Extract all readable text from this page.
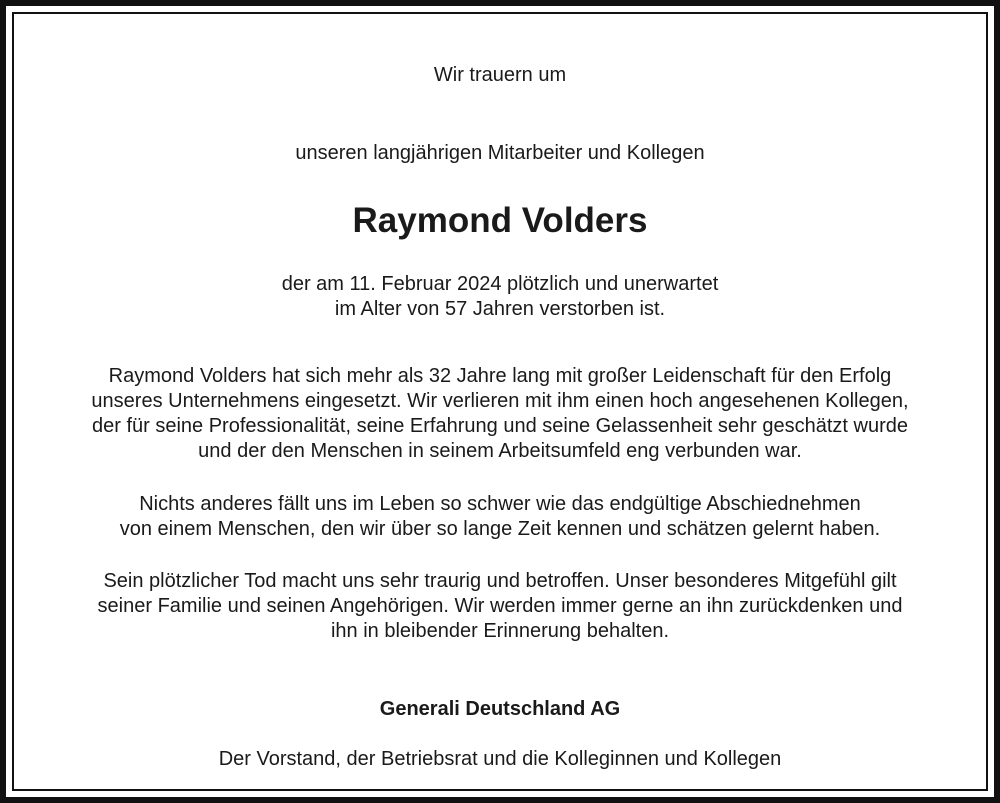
Wir trauern um
unseren langjährigen Mitarbeiter und Kollegen
Raymond Volders
der am 11. Februar 2024 plötzlich und unerwartet
im Alter von 57 Jahren verstorben ist.
Raymond Volders hat sich mehr als 32 Jahre lang mit großer Leidenschaft für den Erfolg
unseres Unternehmens eingesetzt. Wir verlieren mit ihm einen hoch angesehenen Kollegen,
der für seine Professionalität, seine Erfahrung und seine Gelassenheit sehr geschätzt wurde
und der den Menschen in seinem Arbeitsumfeld eng verbunden war.
Nichts anderes fällt uns im Leben so schwer wie das endgültige Abschiednehmen
von einem Menschen, den wir über so lange Zeit kennen und schätzen gelernt haben.
Sein plötzlicher Tod macht uns sehr traurig und betroffen. Unser besonderes Mitgefühl gilt
seiner Familie und seinen Angehörigen. Wir werden immer gerne an ihn zurückdenken und
ihn in bleibender Erinnerung behalten.
Generali Deutschland AG
Der Vorstand, der Betriebsrat und die Kolleginnen und Kollegen
